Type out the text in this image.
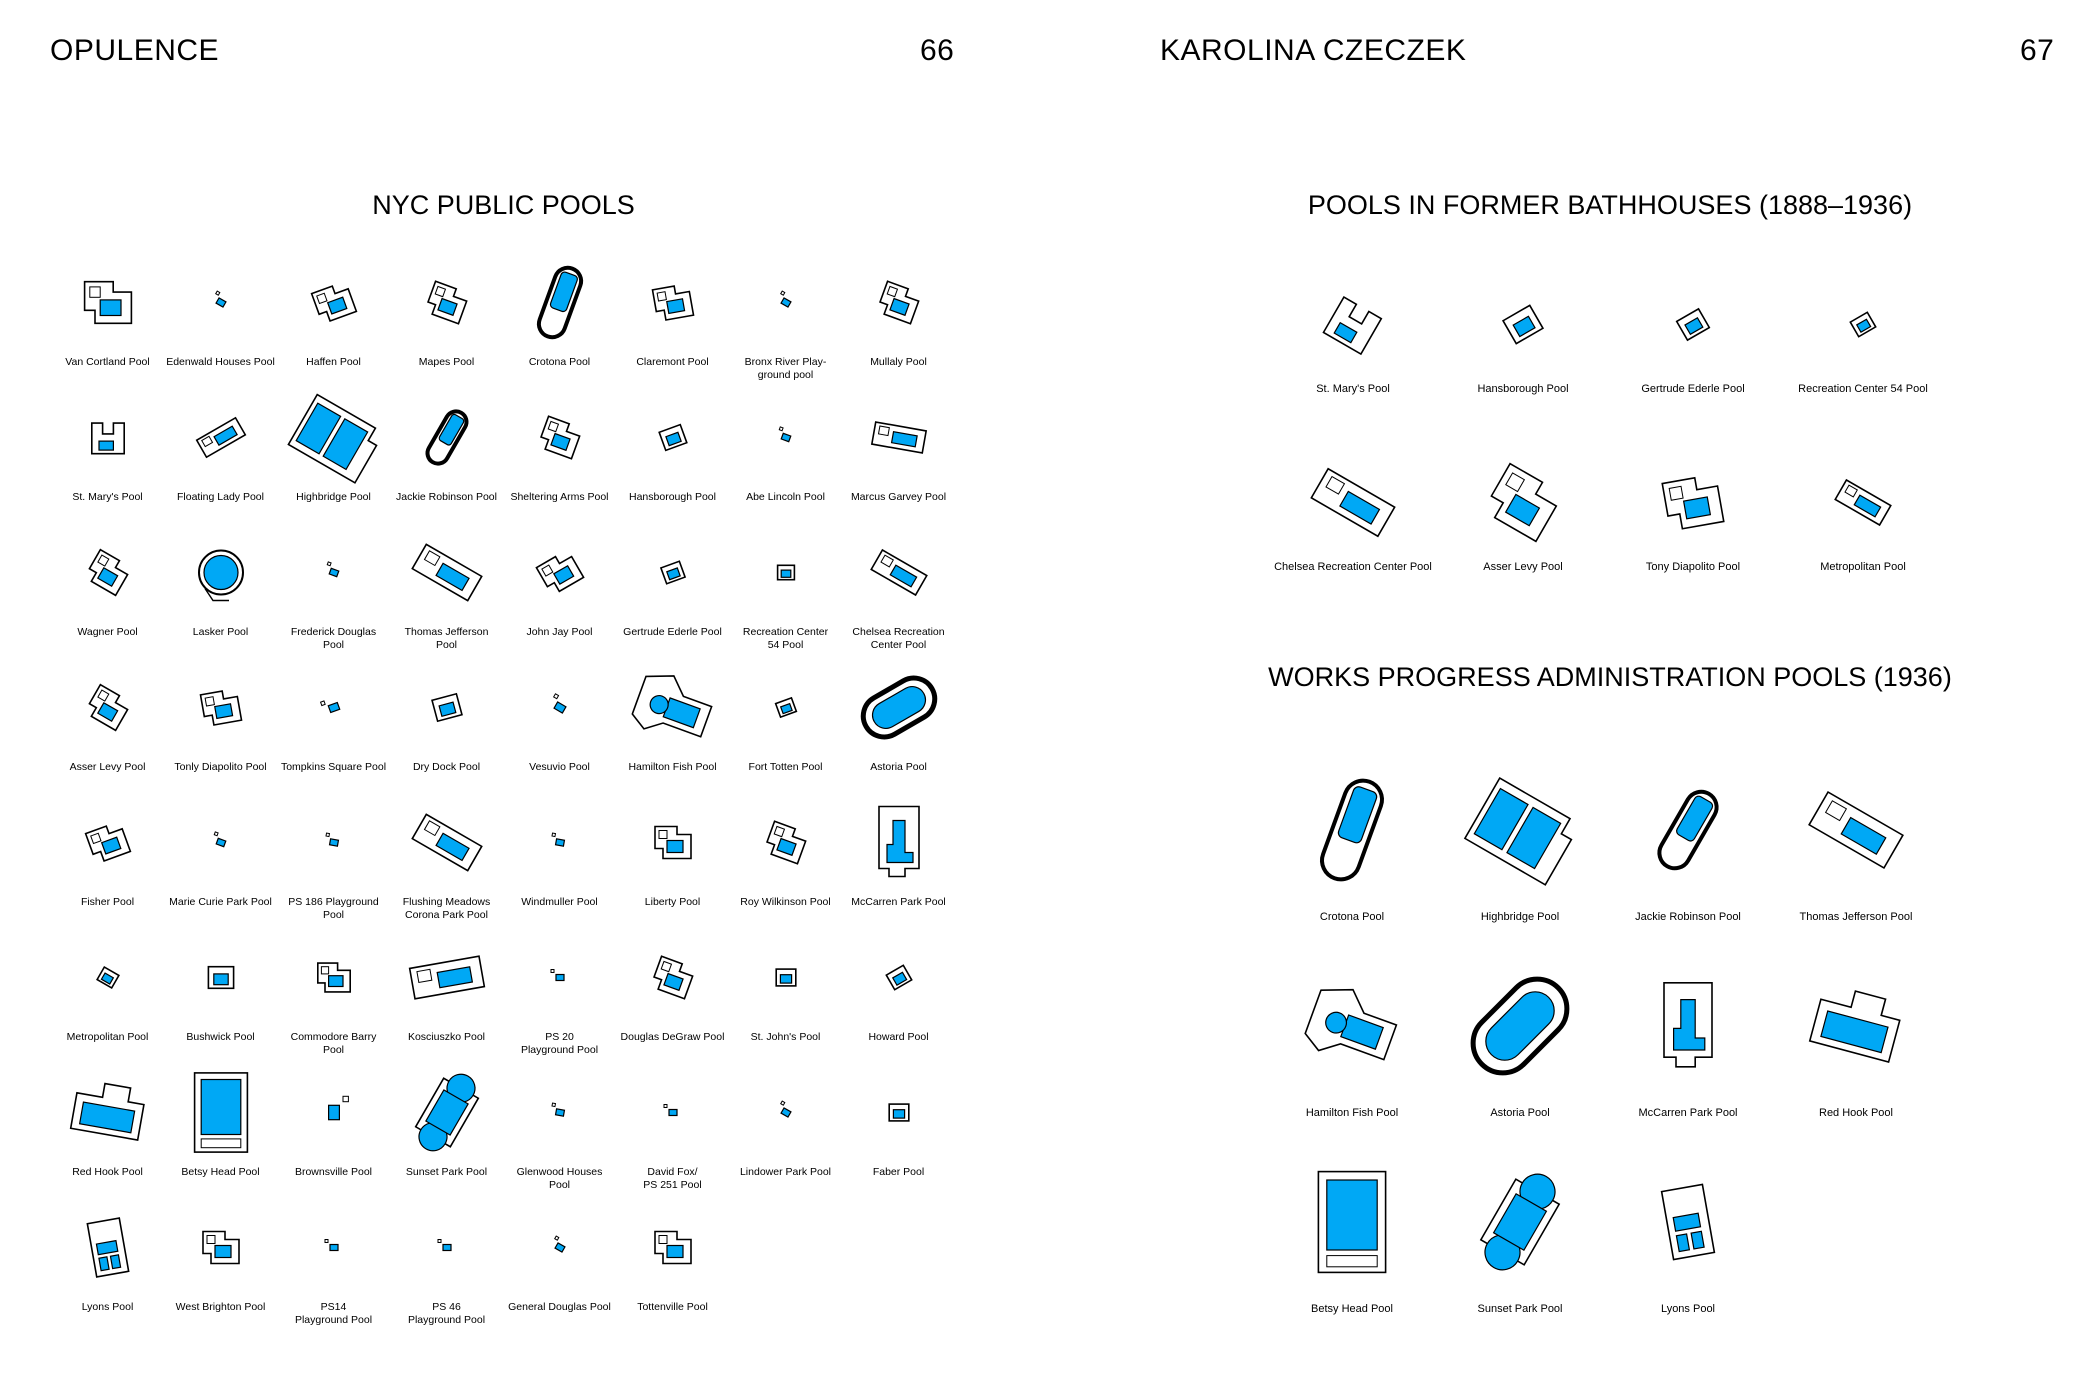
OPULENCE	66	KAROLINA CZECZEK	67
NYC PUBLIC POOLS
Van Cortland Pool Edenwald Houses Pool	Haffen Pool	Mapes Pool	Crotona Pool	Claremont Pool	Bronx River Play-
ground pool
Mullaly Pool
St. Mary's Pool	Floating Lady Pool	Highbridge Pool Jackie Robinson Pool Sheltering Arms Pool Hansborough Pool	Abe Lincoln Pool Marcus Garvey Pool
Wagner Pool	Lasker Pool	Frederick Douglas
Pool
Thomas Jefferson
Pool
John Jay Pool	Gertrude Ederle Pool Recreation Center
54 Pool
Chelsea Recreation
Center Pool
Asser Levy Pool	Tonly Diapolito Pool Tompkins Square Pool	Dry Dock Pool	Vesuvio Pool	Hamilton Fish Pool	Fort Totten Pool	Astoria Pool
Fisher Pool	Marie Curie Park Pool PS 186 Playground
Pool
Flushing Meadows
Corona Park Pool
Windmuller Pool	Liberty Pool	Roy Wilkinson Pool McCarren Park Pool
Metropolitan Pool	Bushwick Pool	Commodore Barry
Pool
Kosciuszko Pool	PS 20
Playground Pool
Douglas DeGraw Pool St. John's Pool	Howard Pool
Red Hook Pool	Betsy Head Pool	Brownsville Pool	Sunset Park Pool	Glenwood Houses
Pool
David Fox/
PS 251 Pool
Lindower Park Pool	Faber Pool
Lyons Pool	West Brighton Pool	PS14
Playground Pool
PS 46
Playground Pool
General Douglas Pool	Tottenville Pool
POOLS IN FORMER BATHHOUSES (1888–1936)
St. Mary's Pool	Hansborough Pool	Gertrude Ederle Pool	Recreation Center 54 Pool
Chelsea Recreation Center Pool	Asser Levy Pool	Tony Diapolito Pool	Metropolitan Pool
WORKS PROGRESS ADMINISTRATION POOLS (1936)
Crotona Pool	Highbridge Pool	Jackie Robinson Pool	Thomas Jefferson Pool
Hamilton Fish Pool	Astoria Pool	McCarren Park Pool	Red Hook Pool
Betsy Head Pool	Sunset Park Pool	Lyons Pool
